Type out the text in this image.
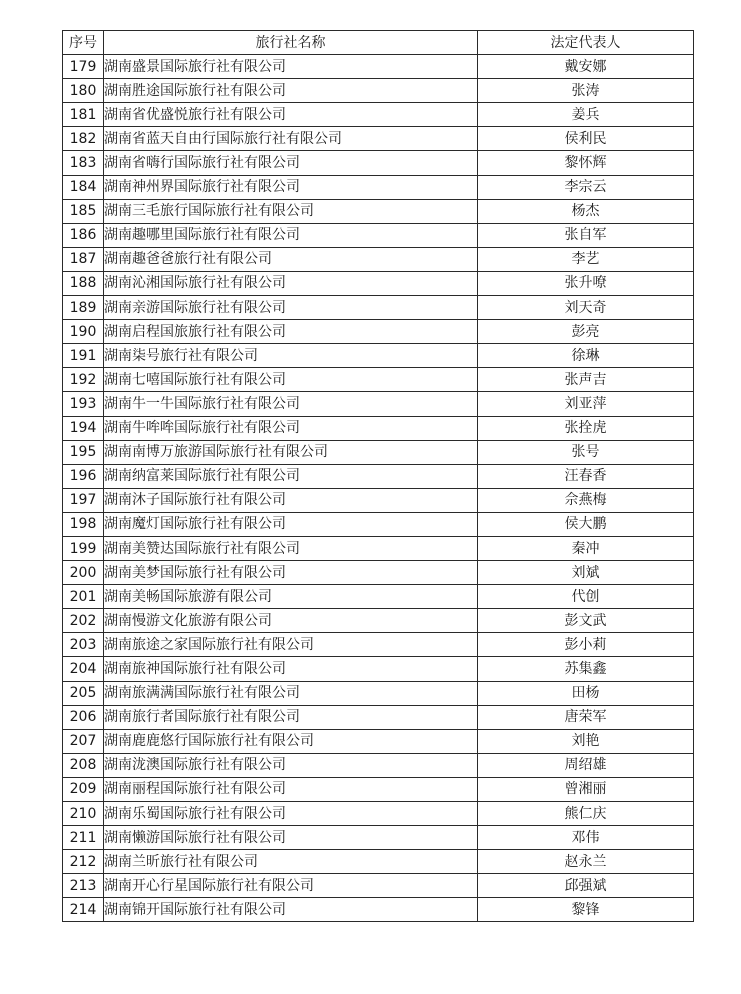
序号	旅行社名称	法定代表人
179	湖南盛景国际旅行社有限公司	戴安娜
180	湖南胜途国际旅行社有限公司	张涛
181	湖南省优盛悦旅行社有限公司	姜兵
182	湖南省蓝天自由行国际旅行社有限公司	侯利民
183	湖南省嗨行国际旅行社有限公司	黎怀辉
184	湖南神州界国际旅行社有限公司	李宗云
185	湖南三毛旅行国际旅行社有限公司	杨杰
186	湖南趣哪里国际旅行社有限公司	张自军
187	湖南趣爸爸旅行社有限公司	李艺
188	湖南沁湘国际旅行社有限公司	张升嘹
189	湖南亲游国际旅行社有限公司	刘天奇
190	湖南启程国旅旅行社有限公司	彭亮
191	湖南柒号旅行社有限公司	徐琳
192	湖南七嘻国际旅行社有限公司	张声吉
193	湖南牛一牛国际旅行社有限公司	刘亚萍
194	湖南牛哞哞国际旅行社有限公司	张拴虎
195	湖南南博万旅游国际旅行社有限公司	张号
196	湖南纳富莱国际旅行社有限公司	汪春香
197	湖南沐子国际旅行社有限公司	佘燕梅
198	湖南魔灯国际旅行社有限公司	侯大鹏
199	湖南美赞达国际旅行社有限公司	秦冲
200	湖南美梦国际旅行社有限公司	刘斌
201	湖南美畅国际旅游有限公司	代创
202	湖南慢游文化旅游有限公司	彭文武
203	湖南旅途之家国际旅行社有限公司	彭小莉
204	湖南旅神国际旅行社有限公司	苏集鑫
205	湖南旅满满国际旅行社有限公司	田杨
206	湖南旅行者国际旅行社有限公司	唐荣军
207	湖南鹿鹿悠行国际旅行社有限公司	刘艳
208	湖南泷澳国际旅行社有限公司	周绍雄
209	湖南丽程国际旅行社有限公司	曾湘丽
210	湖南乐蜀国际旅行社有限公司	熊仁庆
211	湖南懒游国际旅行社有限公司	邓伟
212	湖南兰昕旅行社有限公司	赵永兰
213	湖南开心行星国际旅行社有限公司	邱强斌
214	湖南锦开国际旅行社有限公司	黎锋
